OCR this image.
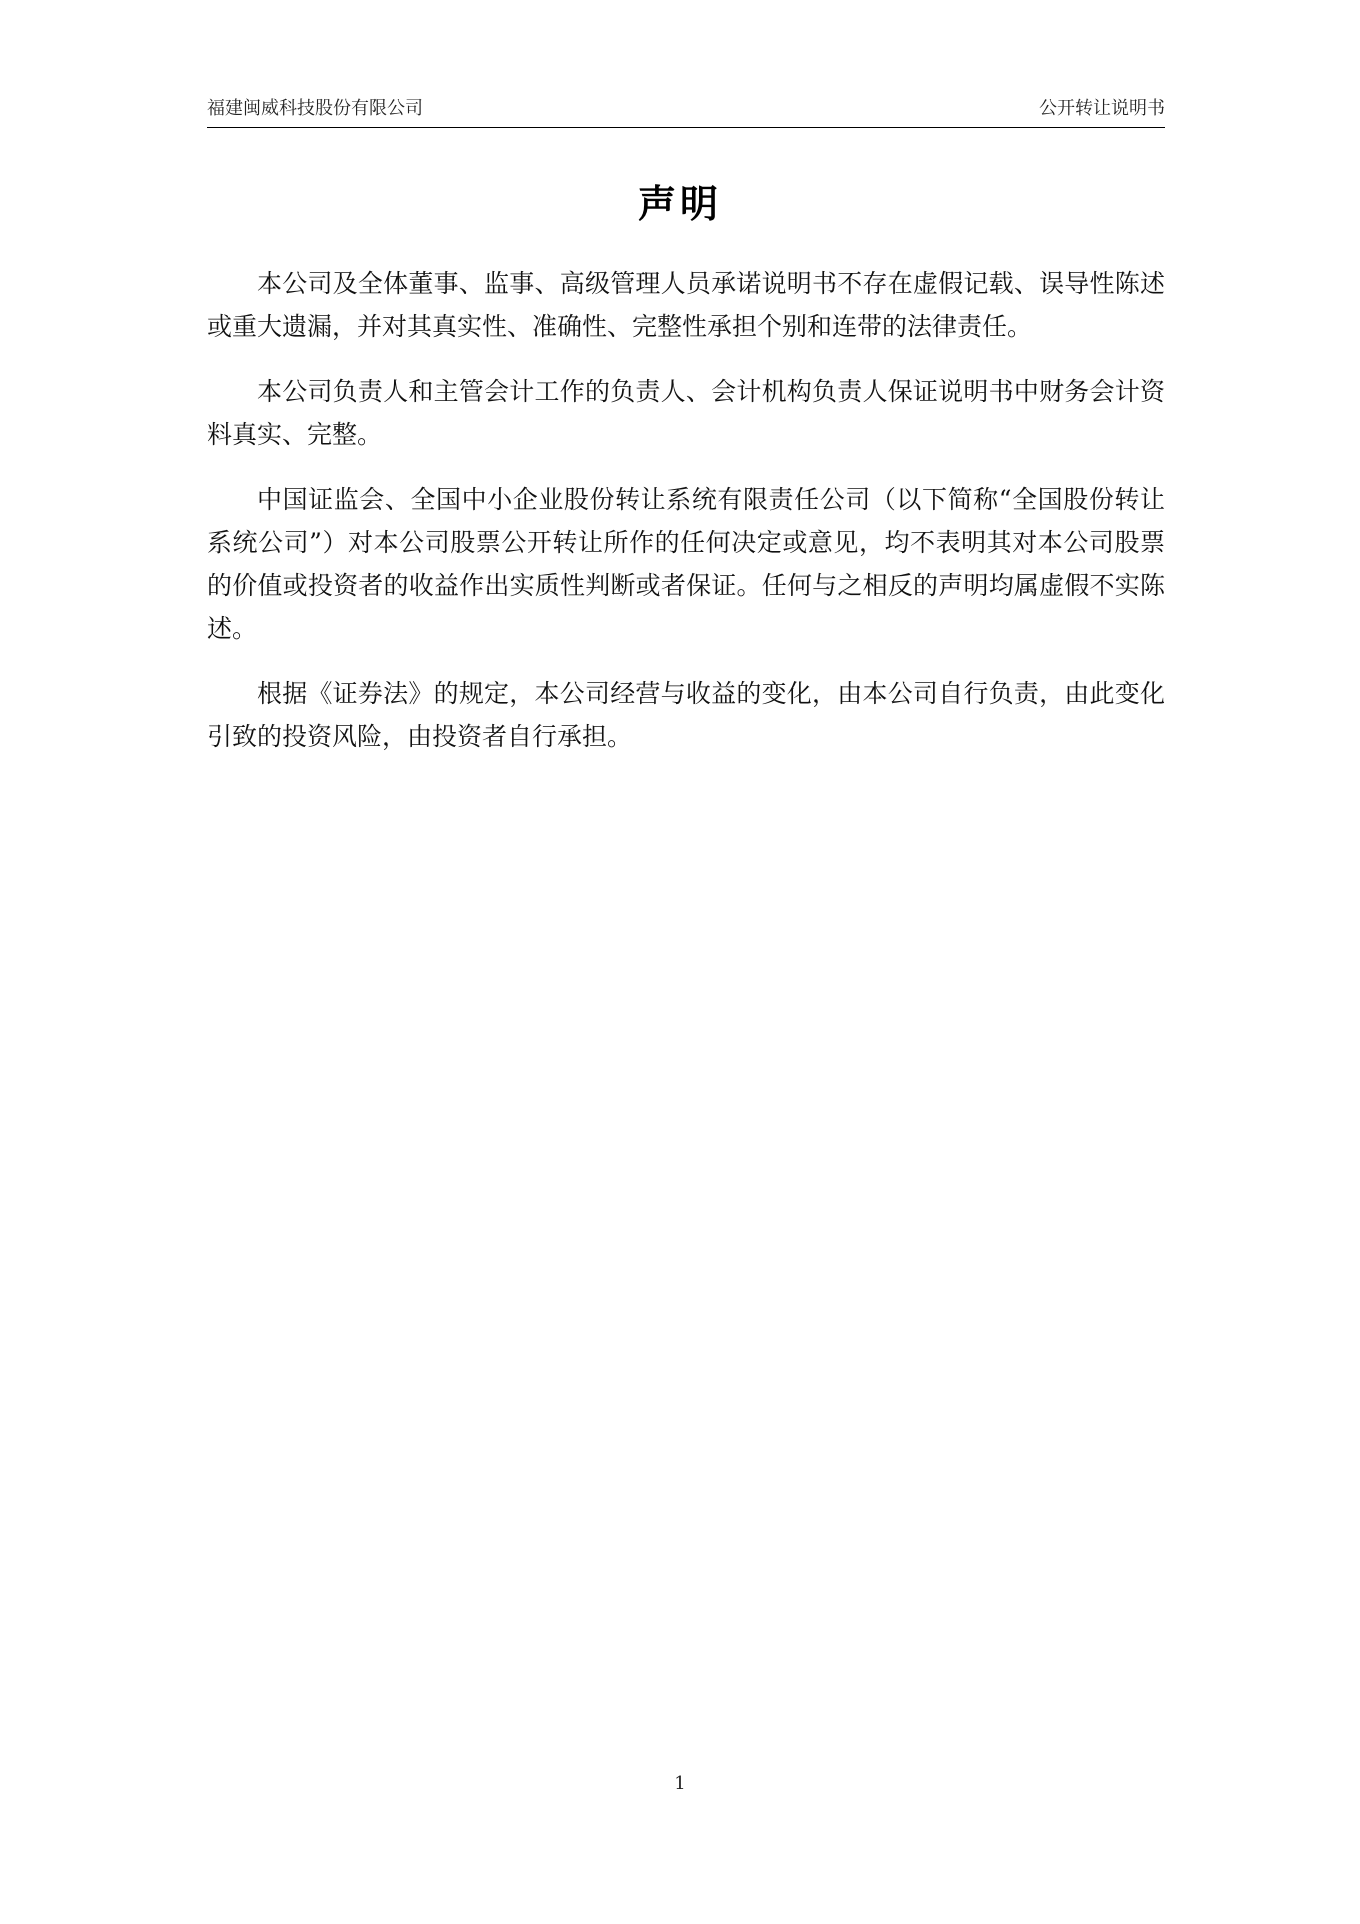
福建闽威科技股份有限公司	公开转让说明书
声明

本公司及全体董事、监事、高级管理人员承诺说明书不存在虚假记载、误导性陈述或重大遗漏，并对其真实性、准确性、完整性承担个别和连带的法律责任。

本公司负责人和主管会计工作的负责人、会计机构负责人保证说明书中财务会计资料真实、完整。

中国证监会、全国中小企业股份转让系统有限责任公司（以下简称“全国股份转让系统公司”）对本公司股票公开转让所作的任何决定或意见，均不表明其对本公司股票的价值或投资者的收益作出实质性判断或者保证。任何与之相反的声明均属虚假不实陈述。

根据《证券法》的规定，本公司经营与收益的变化，由本公司自行负责，由此变化引致的投资风险，由投资者自行承担。

1
